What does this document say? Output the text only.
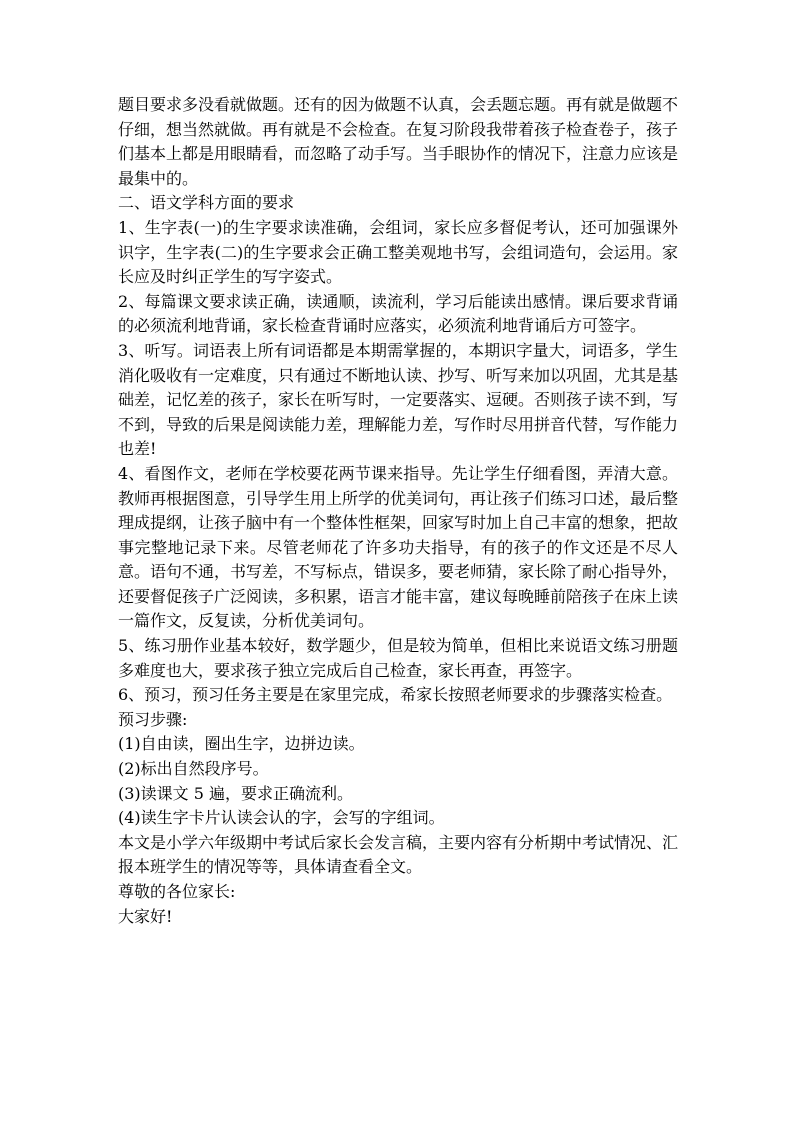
题目要求多没看就做题。还有的因为做题不认真，会丢题忘题。再有就是做题不仔细，想当然就做。再有就是不会检查。在复习阶段我带着孩子检查卷子，孩子们基本上都是用眼睛看，而忽略了动手写。当手眼协作的情况下，注意力应该是最集中的。

二、语文学科方面的要求

1、生字表(一)的生字要求读准确，会组词，家长应多督促考认，还可加强课外识字，生字表(二)的生字要求会正确工整美观地书写，会组词造句，会运用。家长应及时纠正学生的写字姿式。

2、每篇课文要求读正确，读通顺，读流利，学习后能读出感情。课后要求背诵的必须流利地背诵，家长检查背诵时应落实，必须流利地背诵后方可签字。

3、听写。词语表上所有词语都是本期需掌握的，本期识字量大，词语多，学生消化吸收有一定难度，只有通过不断地认读、抄写、听写来加以巩固，尤其是基础差，记忆差的孩子，家长在听写时，一定要落实、逗硬。否则孩子读不到，写不到，导致的后果是阅读能力差，理解能力差，写作时尽用拼音代替，写作能力也差!

4、看图作文，老师在学校要花两节课来指导。先让学生仔细看图，弄清大意。教师再根据图意，引导学生用上所学的优美词句，再让孩子们练习口述，最后整理成提纲，让孩子脑中有一个整体性框架，回家写时加上自己丰富的想象，把故事完整地记录下来。尽管老师花了许多功夫指导，有的孩子的作文还是不尽人意。语句不通，书写差，不写标点，错误多，要老师猜，家长除了耐心指导外，还要督促孩子广泛阅读，多积累，语言才能丰富，建议每晚睡前陪孩子在床上读一篇作文，反复读，分析优美词句。

5、练习册作业基本较好，数学题少，但是较为简单，但相比来说语文练习册题多难度也大，要求孩子独立完成后自己检查，家长再查，再签字。

6、预习，预习任务主要是在家里完成，希家长按照老师要求的步骤落实检查。

预习步骤:

(1)自由读，圈出生字，边拼边读。

(2)标出自然段序号。

(3)读课文 5 遍，要求正确流利。

(4)读生字卡片认读会认的字，会写的字组词。

本文是小学六年级期中考试后家长会发言稿，主要内容有分析期中考试情况、汇报本班学生的情况等等，具体请查看全文。

尊敬的各位家长:

大家好!
